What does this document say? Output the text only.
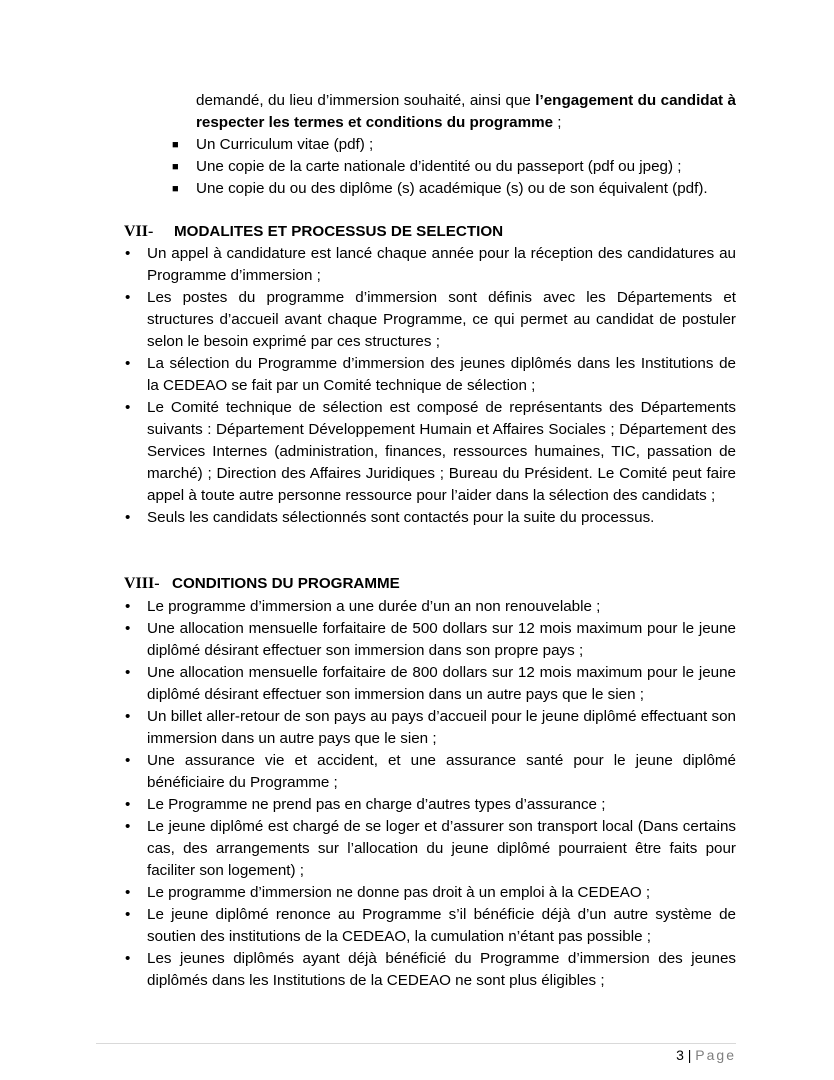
demandé, du lieu d’immersion souhaité, ainsi que l’engagement du candidat à respecter les termes et conditions du programme ;

■ Un Curriculum vitae (pdf) ;
■ Une copie de la carte nationale d’identité ou du passeport (pdf ou jpeg) ;
■ Une copie du ou des diplôme (s) académique (s) ou de son équivalent (pdf).
VII- MODALITES ET PROCESSUS DE SELECTION
• Un appel à candidature est lancé chaque année pour la réception des candidatures au Programme d’immersion ;
• Les postes du programme d’immersion sont définis avec les Départements et structures d’accueil avant chaque Programme, ce qui permet au candidat de postuler selon le besoin exprimé par ces structures ;
• La sélection du Programme d’immersion des jeunes diplômés dans les Institutions de la CEDEAO se fait par un Comité technique de sélection ;
• Le Comité technique de sélection est composé de représentants des Départements suivants : Département Développement Humain et Affaires Sociales ; Département des Services Internes (administration, finances, ressources humaines, TIC, passation de marché) ; Direction des Affaires Juridiques ; Bureau du Président. Le Comité peut faire appel à toute autre personne ressource pour l’aider dans la sélection des candidats ;
• Seuls les candidats sélectionnés sont contactés pour la suite du processus.
VIII- CONDITIONS DU PROGRAMME
• Le programme d’immersion a une durée d’un an non renouvelable ;
• Une allocation mensuelle forfaitaire de 500 dollars sur 12 mois maximum pour le jeune diplômé désirant effectuer son immersion dans son propre pays ;
• Une allocation mensuelle forfaitaire de 800 dollars sur 12 mois maximum pour le jeune diplômé désirant effectuer son immersion dans un autre pays que le sien ;
• Un billet aller-retour de son pays au pays d’accueil pour le jeune diplômé effectuant son immersion dans un autre pays que le sien ;
• Une assurance vie et accident, et une assurance santé pour le jeune diplômé bénéficiaire du Programme ;
• Le Programme ne prend pas en charge d’autres types d’assurance ;
• Le jeune diplômé est chargé de se loger et d’assurer son transport local (Dans certains cas, des arrangements sur l’allocation du jeune diplômé pourraient être faits pour faciliter son logement) ;
• Le programme d’immersion ne donne pas droit à un emploi à la CEDEAO ;
• Le jeune diplômé renonce au Programme s’il bénéficie déjà d’un autre système de soutien des institutions de la CEDEAO, la cumulation n’étant pas possible ;
• Les jeunes diplômés ayant déjà bénéficié du Programme d’immersion des jeunes diplômés dans les Institutions de la CEDEAO ne sont plus éligibles ;
3 | Page
